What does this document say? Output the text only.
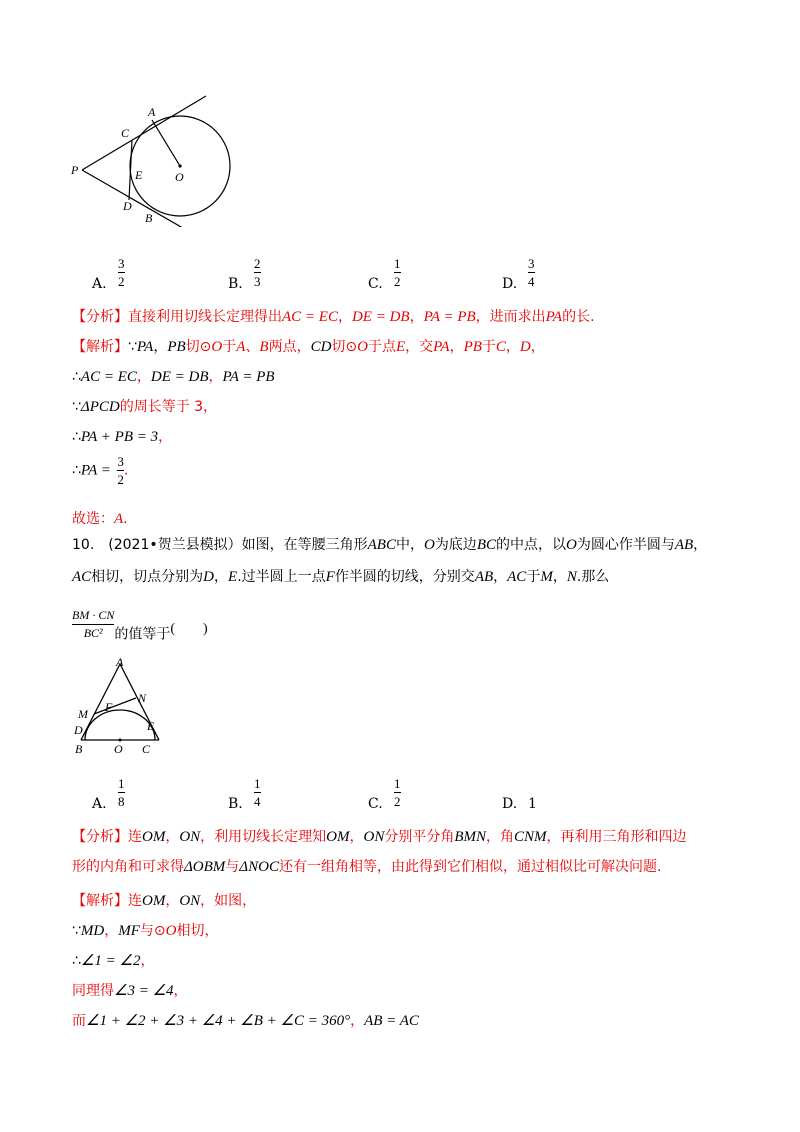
P
A
C
E
D
B
O
A.
3
2	B.
2
3	C.
1
2	D.
3
4
【分析】直接利用切线长定理得出AC = EC，DE = DB，PA = PB，进而求出PA的长.
【解析】∵PA，PB切⊙O于A、B两点，CD切⊙O于点E，交PA，PB于C，D，
∴AC = EC，DE = DB，PA = PB
∵ΔPCD的周长等于 3，
∴PA + PB = 3，
∴PA = $\frac{3}{2}$ .
故选：A.
10.　(2021•贺兰县模拟）如图，在等腰三角形ABC中，O为底边BC的中点，以O为圆心作半圆与AB，
AC相切，切点分别为D，E.过半圆上一点F作半圆的切线，分别交AB，AC于M，N.那么
$\frac{BM \cdot CN}{\text{BC²}}$ 的值等于(　　)
A
N
M F
E
D
B	O C
A.
1
8	B.
1
4	C.
1
2	D. 1
【分析】连OM，ON，利用切线长定理知OM，ON分别平分角BMN，角CNM，再利用三角形和四边
形的内角和可求得ΔOBM与ΔNOC还有一组角相等，由此得到它们相似，通过相似比可解决问题.
【解析】连OM，ON，如图，
∵MD，MF与⊙O相切，
∴∠1 = ∠2，
同理得∠3 = ∠4，
而∠1 + ∠2 + ∠3 + ∠4 + ∠B + ∠C = 360°，AB = AC
